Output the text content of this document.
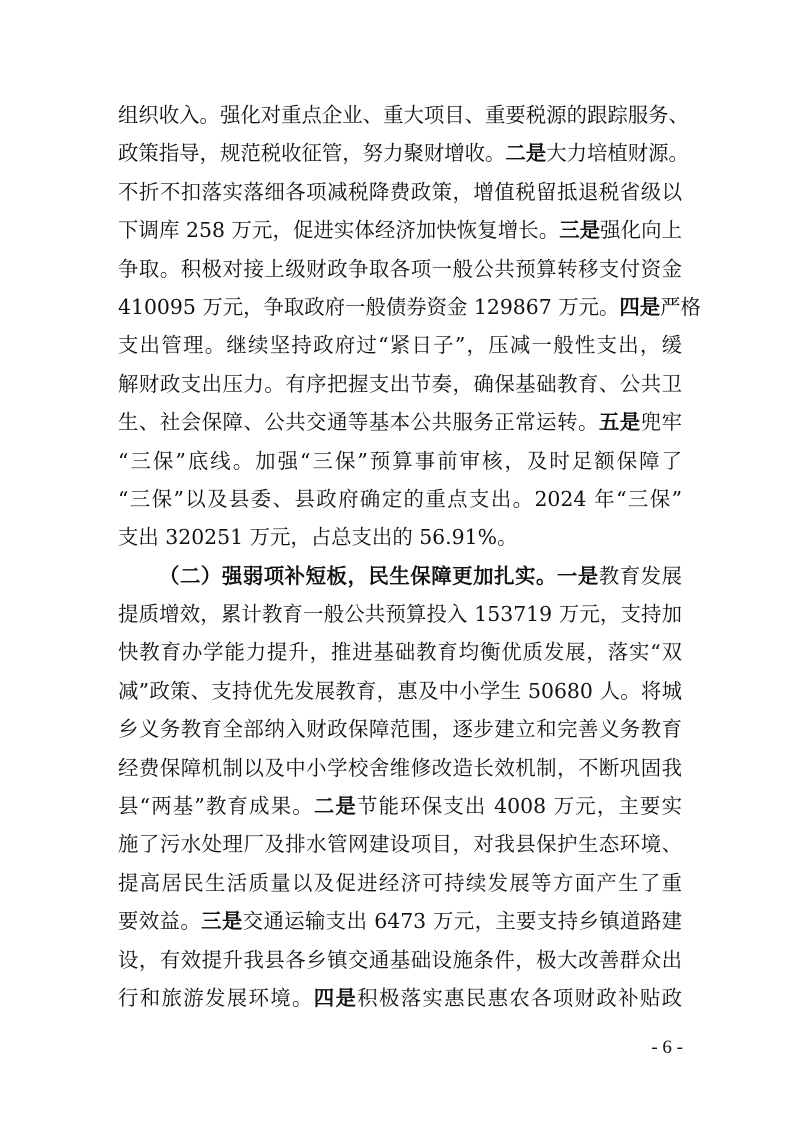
组织收入。强化对重点企业、重大项目、重要税源的跟踪服务、
政策指导，规范税收征管，努力聚财增收。二是大力培植财源。
不折不扣落实落细各项减税降费政策，增值税留抵退税省级以
下调库 258 万元，促进实体经济加快恢复增长。三是强化向上
争取。积极对接上级财政争取各项一般公共预算转移支付资金
410095 万元，争取政府一般债券资金 129867 万元。四是严格
支出管理。继续坚持政府过“紧日子”，压减一般性支出，缓
解财政支出压力。有序把握支出节奏，确保基础教育、公共卫
生、社会保障、公共交通等基本公共服务正常运转。五是兜牢
“三保”底线。加强“三保”预算事前审核，及时足额保障了
“三保”以及县委、县政府确定的重点支出。2024 年“三保”
支出 320251 万元，占总支出的 56.91%。
（二）强弱项补短板，民生保障更加扎实。一是教育发展
提质增效，累计教育一般公共预算投入 153719 万元，支持加
快教育办学能力提升，推进基础教育均衡优质发展，落实“双
减”政策、支持优先发展教育，惠及中小学生 50680 人。将城
乡义务教育全部纳入财政保障范围，逐步建立和完善义务教育
经费保障机制以及中小学校舍维修改造长效机制，不断巩固我
县“两基”教育成果。二是节能环保支出 4008 万元，主要实
施了污水处理厂及排水管网建设项目，对我县保护生态环境、
提高居民生活质量以及促进经济可持续发展等方面产生了重
要效益。三是交通运输支出 6473 万元，主要支持乡镇道路建
设，有效提升我县各乡镇交通基础设施条件，极大改善群众出
行和旅游发展环境。四是积极落实惠民惠农各项财政补贴政
- 6 -
